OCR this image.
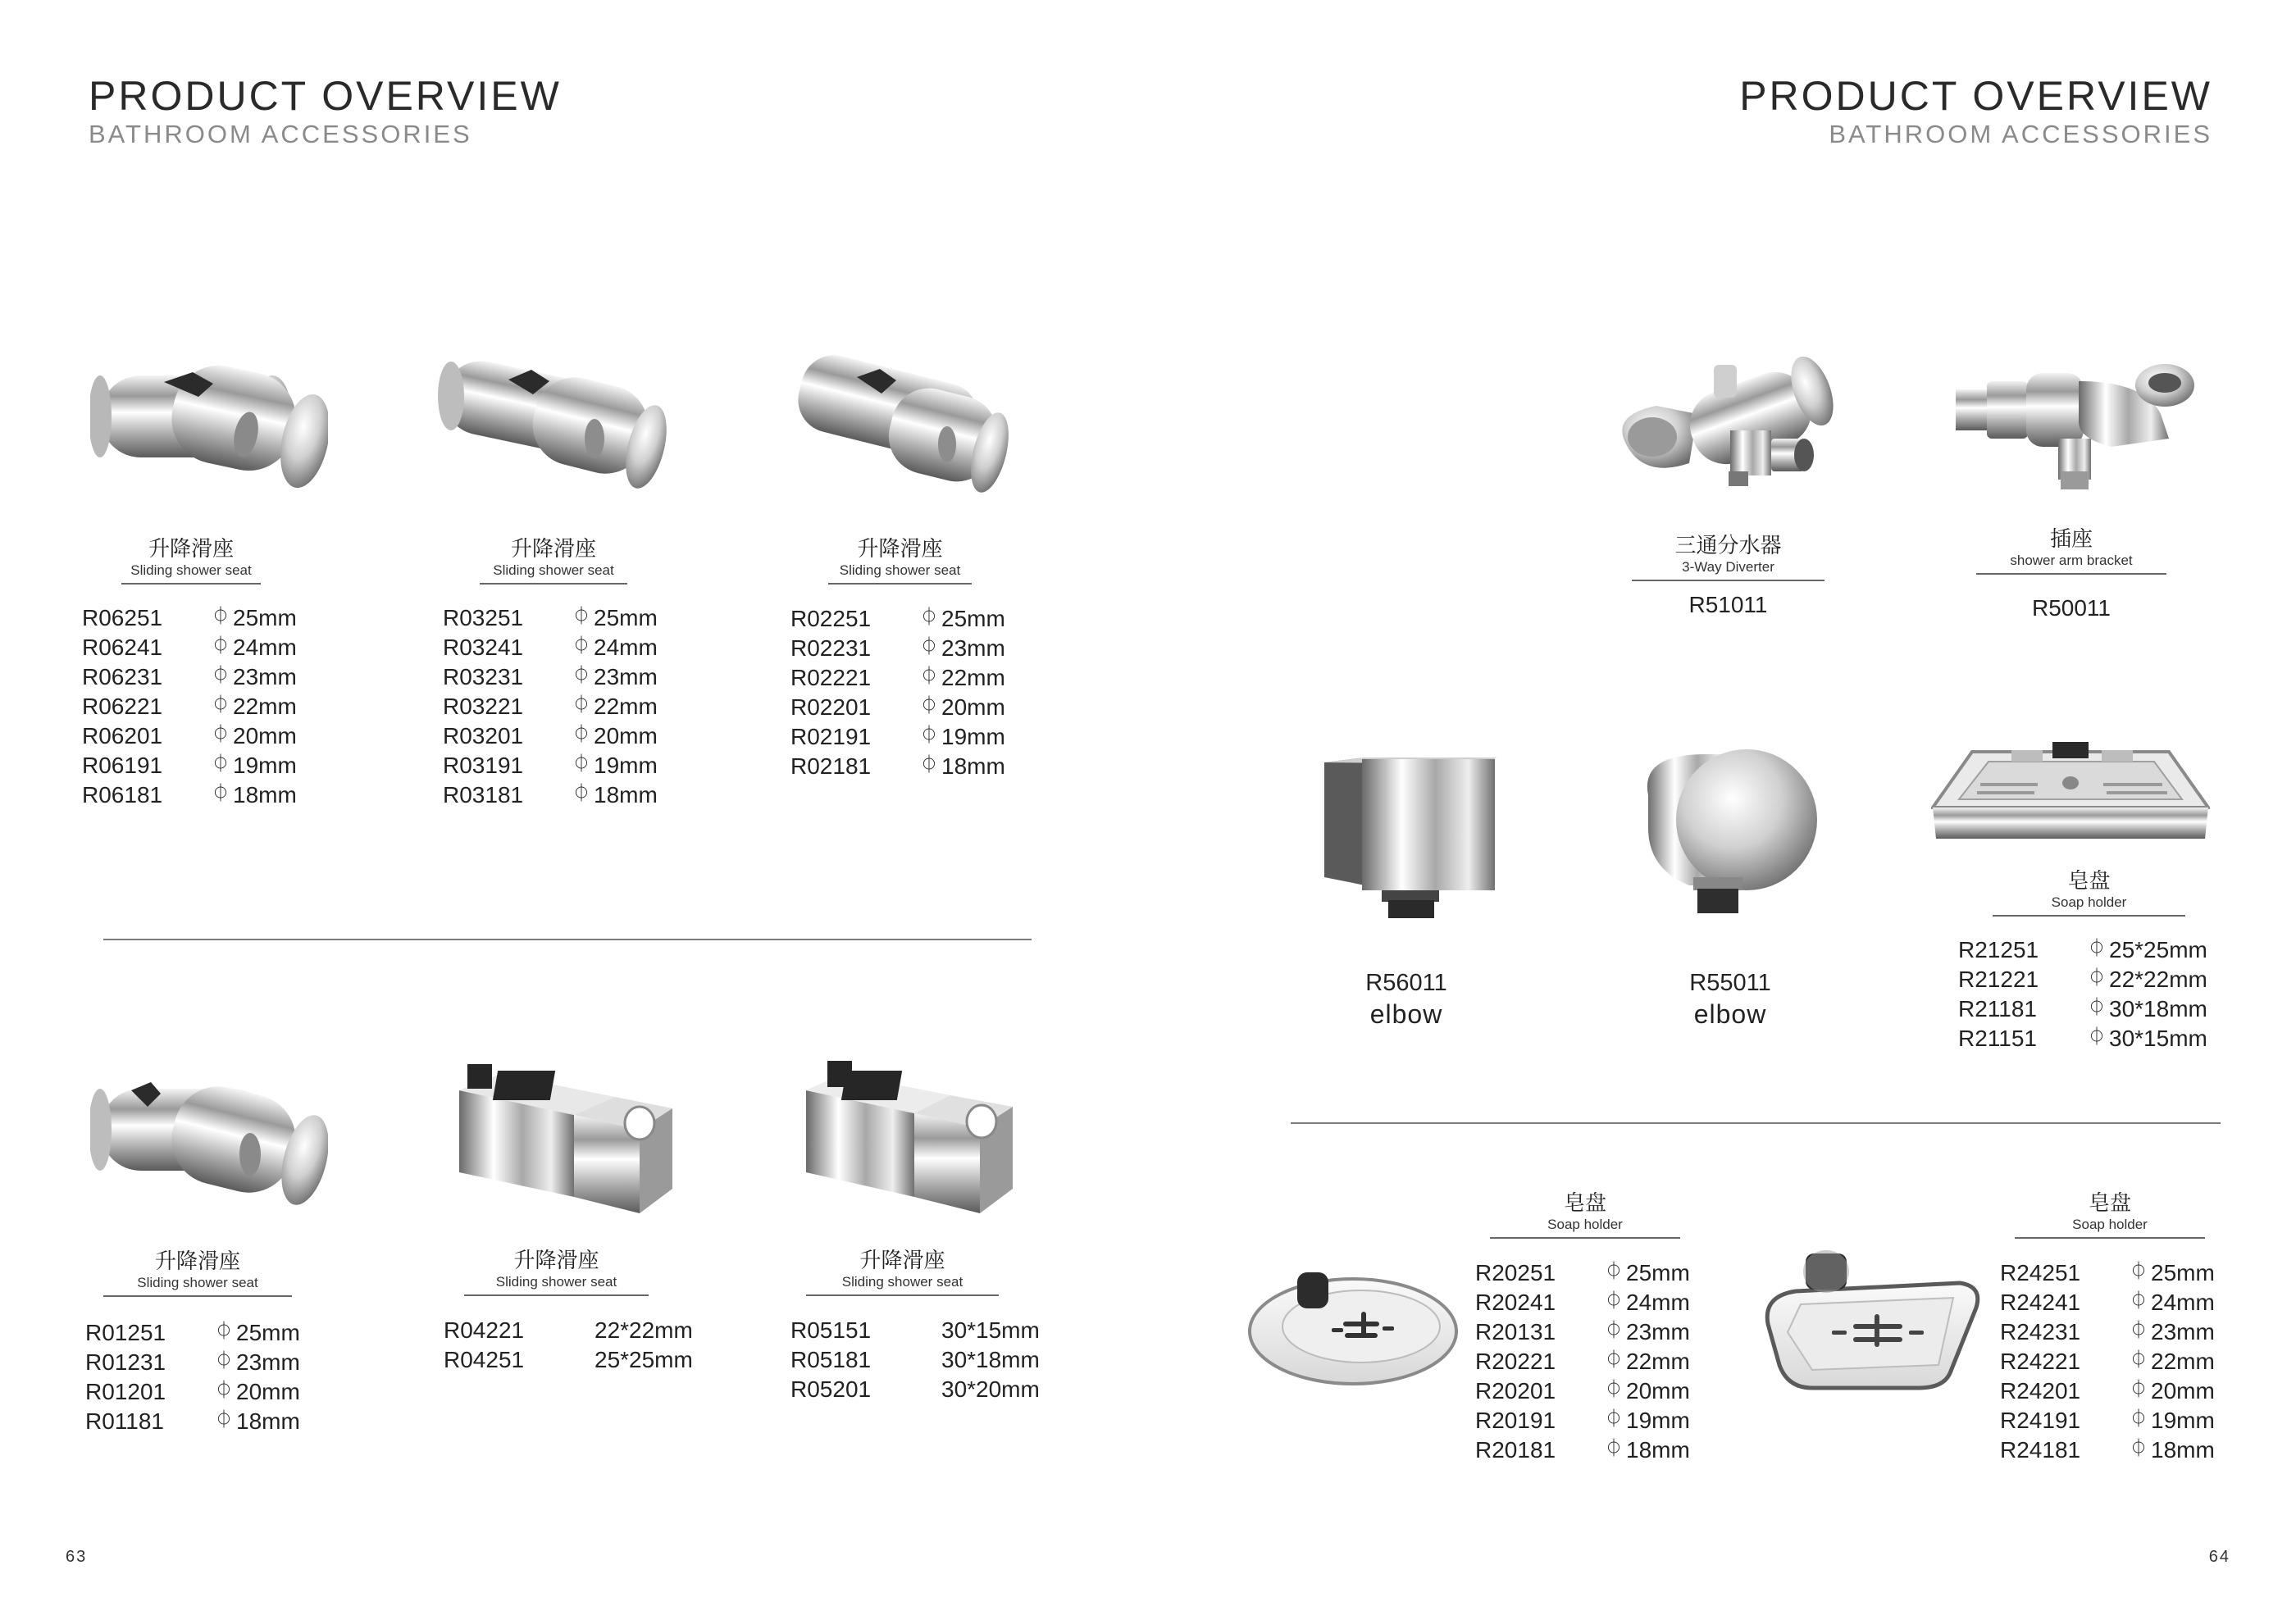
PRODUCT OVERVIEW
BATHROOM ACCESSORIES
PRODUCT OVERVIEW
BATHROOM ACCESSORIES
63	64
升降滑座
Sliding shower seat
升降滑座
Sliding shower seat
升降滑座
Sliding shower seat
升降滑座
Sliding shower seat
升降滑座
Sliding shower seat
升降滑座
Sliding shower seat
R06251	⏀ 25mm
R06241	⏀ 24mm
R06231	⏀ 23mm
R06221	⏀ 22mm
R06201	⏀ 20mm
R06191	⏀ 19mm
R06181	⏀ 18mm
R03251	⏀ 25mm
R03241	⏀ 24mm
R03231	⏀ 23mm
R03221	⏀ 22mm
R03201	⏀ 20mm
R03191	⏀ 19mm
R03181	⏀ 18mm
R02251	⏀ 25mm
R02231	⏀ 23mm
R02221	⏀ 22mm
R02201	⏀ 20mm
R02191	⏀ 19mm
R02181	⏀ 18mm
R01251	⏀ 25mm
R01231	⏀ 23mm
R01201	⏀ 20mm
R01181	⏀ 18mm
R04221	22*22mm
R04251	25*25mm
R05151	30*15mm
R05181	30*18mm
R05201	30*20mm
三通分水器
3-Way Diverter
R51011
插座
shower arm bracket
R50011
R56011
elbow
R55011
elbow
皂盘
Soap holder
R21251	⏀ 25*25mm
R21221	⏀ 22*22mm
R21181	⏀ 30*18mm
R21151	⏀ 30*15mm
皂盘
Soap holder
R20251	⏀ 25mm
R20241	⏀ 24mm
R20131	⏀ 23mm
R20221	⏀ 22mm
R20201	⏀ 20mm
R20191	⏀ 19mm
R20181	⏀ 18mm
皂盘
Soap holder
R24251	⏀ 25mm
R24241	⏀ 24mm
R24231	⏀ 23mm
R24221	⏀ 22mm
R24201	⏀ 20mm
R24191	⏀ 19mm
R24181	⏀ 18mm
